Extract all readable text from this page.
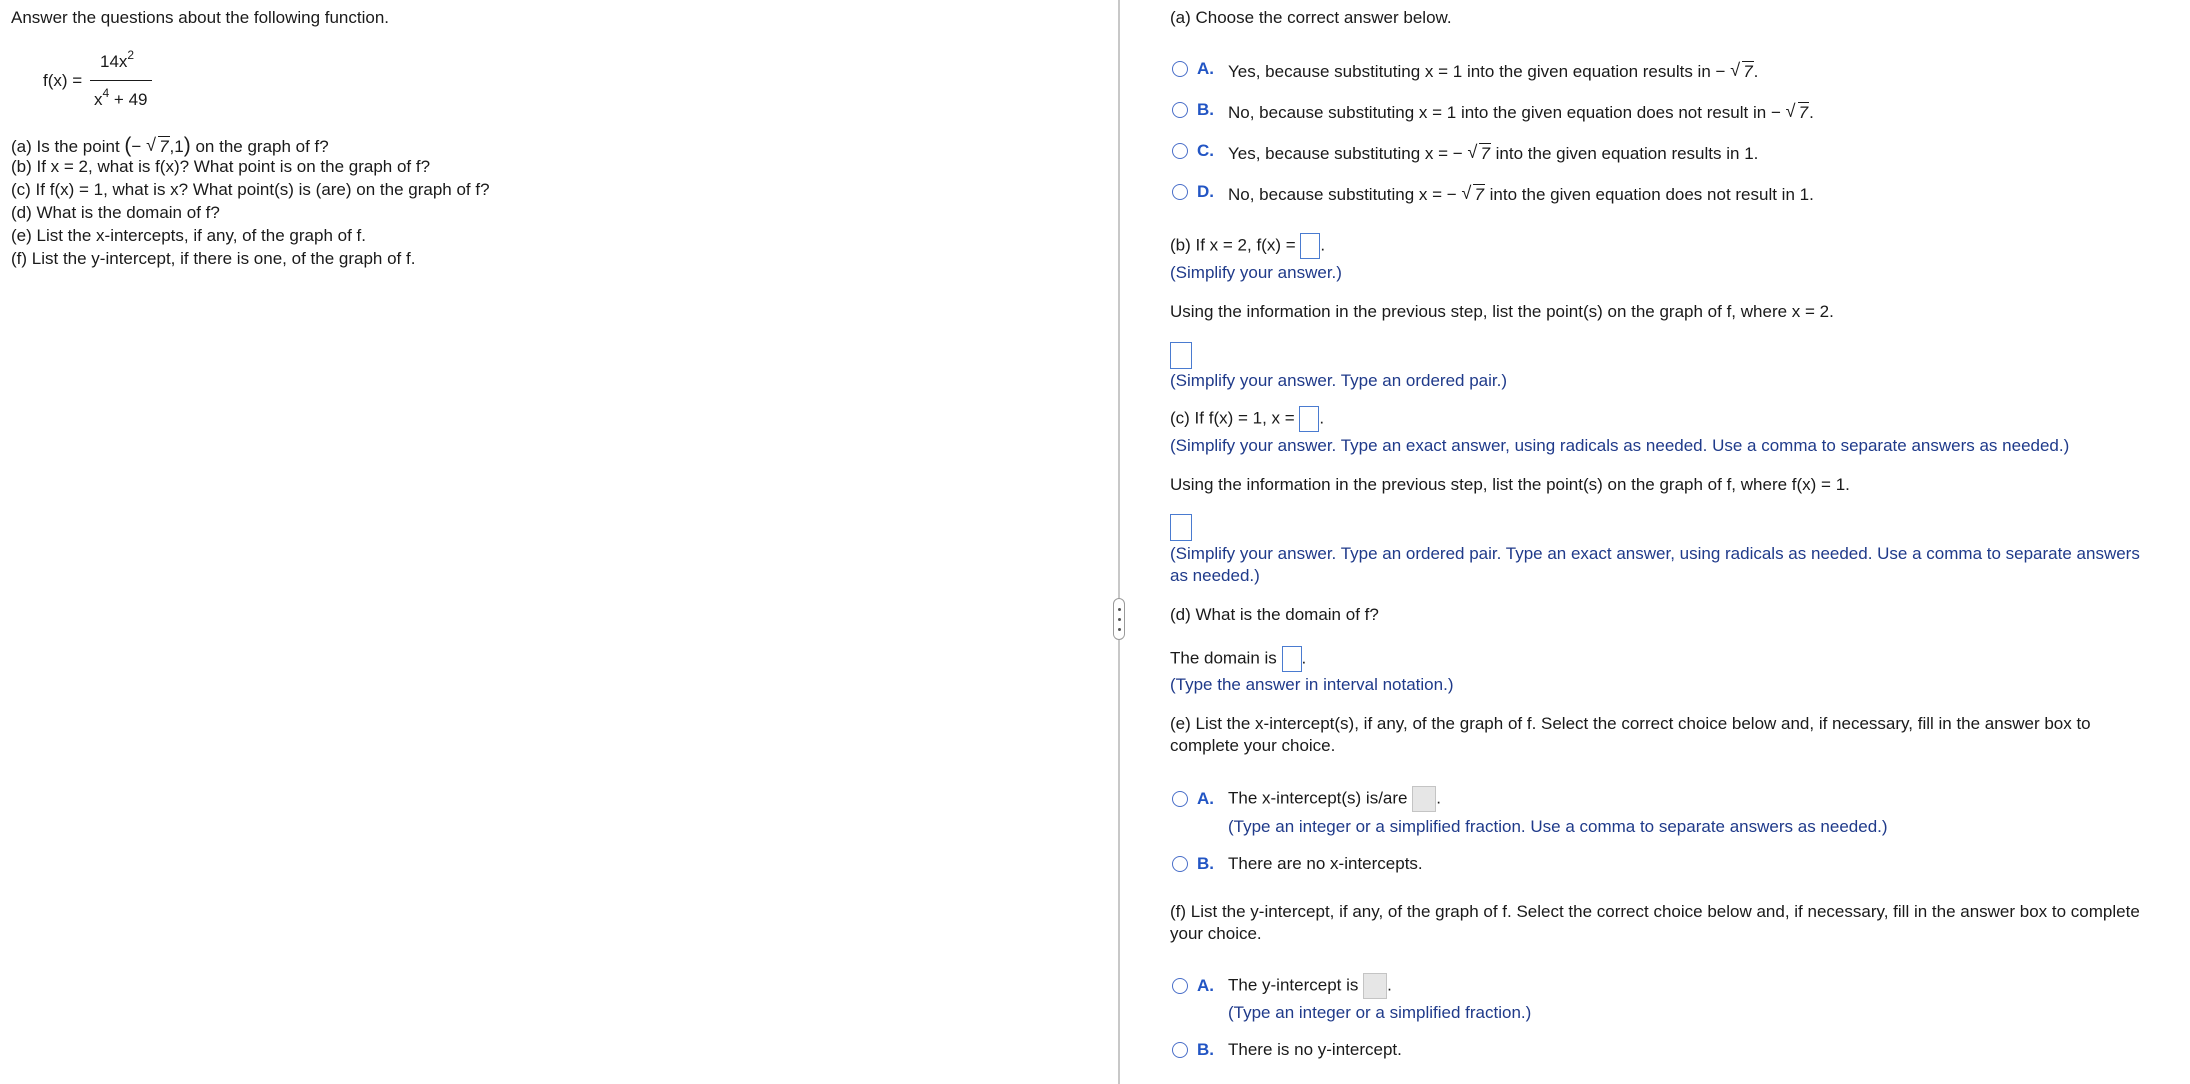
Answer the questions about the following function.
f(x) =
$14x^2$
$x^4 + 49$
(a) Is the point (− √ 7,1) on the graph of f?
(b) If x = 2, what is f(x)? What point is on the graph of f?
(c) If f(x) = 1, what is x? What point(s) is (are) on the graph of f?
(d) What is the domain of f?
(e) List the x-intercepts, if any, of the graph of f.
(f) List the y-intercept, if there is one, of the graph of f.
(a) Choose the correct answer below.
A. Yes, because substituting x = 1 into the given equation results in − √ 7.
B. No, because substituting x = 1 into the given equation does not result in − √ 7.
C. Yes, because substituting x = − √ 7 into the given equation results in 1.
D. No, because substituting x = − √ 7 into the given equation does not result in 1.
(b) If x = 2, f(x) = .
(Simplify your answer.)
Using the information in the previous step, list the point(s) on the graph of f, where x = 2.
(Simplify your answer. Type an ordered pair.)
(c) If f(x) = 1, x = .
(Simplify your answer. Type an exact answer, using radicals as needed. Use a comma to separate answers as needed.)
Using the information in the previous step, list the point(s) on the graph of f, where f(x) = 1.
(Simplify your answer. Type an ordered pair. Type an exact answer, using radicals as needed. Use a comma to separate answers
as needed.)
(d) What is the domain of f?
The domain is .
(Type the answer in interval notation.)
(e) List the x-intercept(s), if any, of the graph of f. Select the correct choice below and, if necessary, fill in the answer box to
complete your choice.
A. The x-intercept(s) is/are .
(Type an integer or a simplified fraction. Use a comma to separate answers as needed.)
B. There are no x-intercepts.
(f) List the y-intercept, if any, of the graph of f. Select the correct choice below and, if necessary, fill in the answer box to complete
your choice.
A. The y-intercept is .
(Type an integer or a simplified fraction.)
B. There is no y-intercept.
